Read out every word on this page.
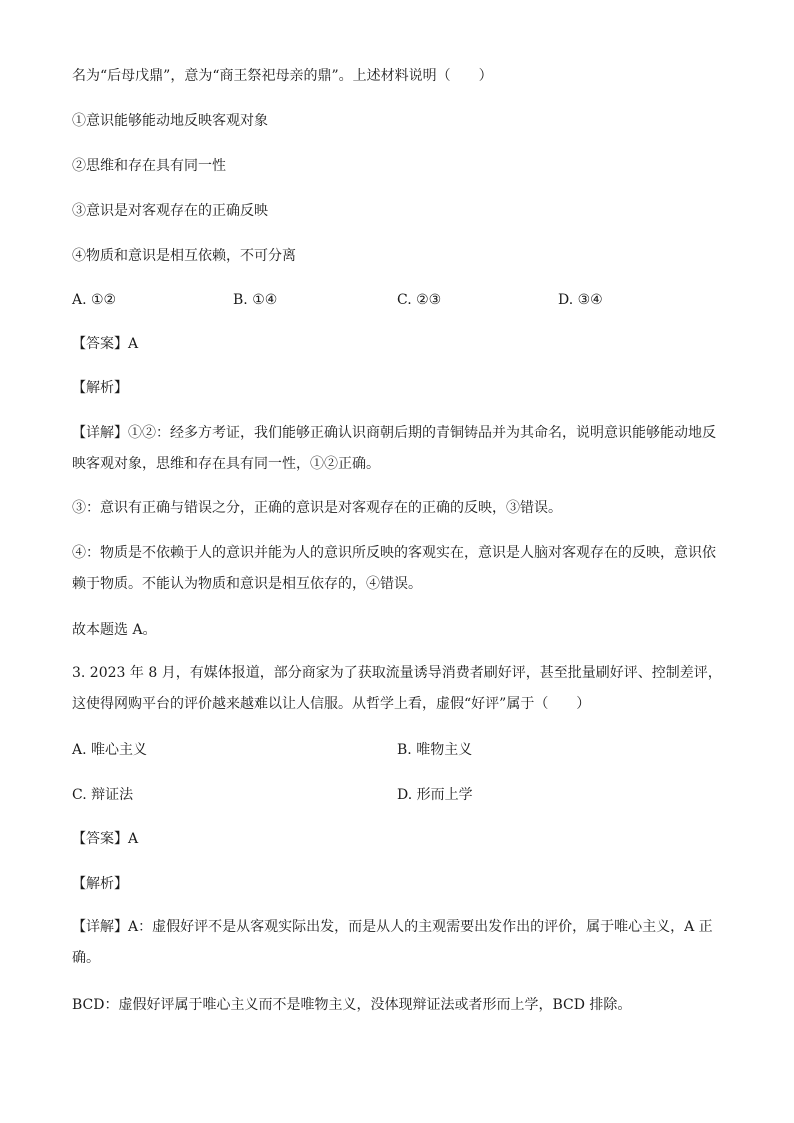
名为“后母戊鼎”，意为“商王祭祀母亲的鼎”。上述材料说明（　　）
①意识能够能动地反映客观对象
②思维和存在具有同一性
③意识是对客观存在的正确反映
④物质和意识是相互依赖，不可分离
A. ①②	B. ①④	C. ②③	D. ③④
【答案】A
【解析】
【详解】①②：经多方考证，我们能够正确认识商朝后期的青铜铸品并为其命名，说明意识能够能动地反映客观对象，思维和存在具有同一性，①②正确。
③：意识有正确与错误之分，正确的意识是对客观存在的正确的反映，③错误。
④：物质是不依赖于人的意识并能为人的意识所反映的客观实在，意识是人脑对客观存在的反映，意识依赖于物质。不能认为物质和意识是相互依存的，④错误。
故本题选 A。
3. 2023 年 8 月，有媒体报道，部分商家为了获取流量诱导消费者刷好评，甚至批量刷好评、控制差评，这使得网购平台的评价越来越难以让人信服。从哲学上看，虚假“好评”属于（　　）
A. 唯心主义	B. 唯物主义
C. 辩证法	D. 形而上学
【答案】A
【解析】
【详解】A：虚假好评不是从客观实际出发，而是从人的主观需要出发作出的评价，属于唯心主义，A 正确。
BCD：虚假好评属于唯心主义而不是唯物主义，没体现辩证法或者形而上学，BCD 排除。
